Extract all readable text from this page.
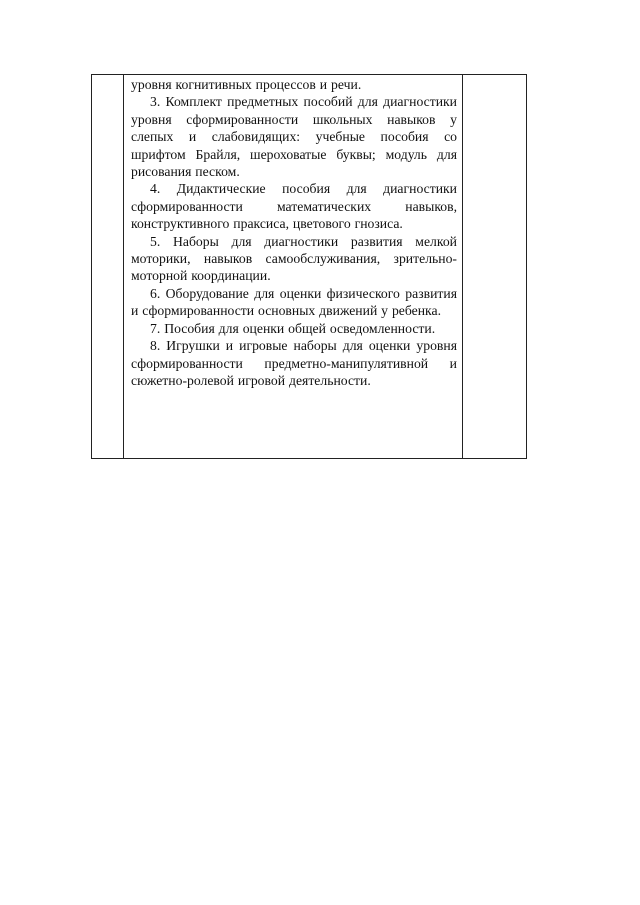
уровня когнитивных процессов и речи.

3. Комплект предметных пособий для диагностики уровня сформированности школьных навыков у слепых и слабовидящих: учебные пособия со шрифтом Брайля, шероховатые буквы; модуль для рисования песком.

4. Дидактические пособия для диагностики сформированности математических навыков, конструктивного праксиса, цветового гнозиса.

5. Наборы для диагностики развития мелкой моторики, навыков самообслуживания, зрительно-моторной координации.

6. Оборудование для оценки физического развития и сформированности основных движений у ребенка.

7. Пособия для оценки общей осведомленности.

8. Игрушки и игровые наборы для оценки уровня сформированности предметно-манипулятивной и сюжетно-ролевой игровой деятельности.
